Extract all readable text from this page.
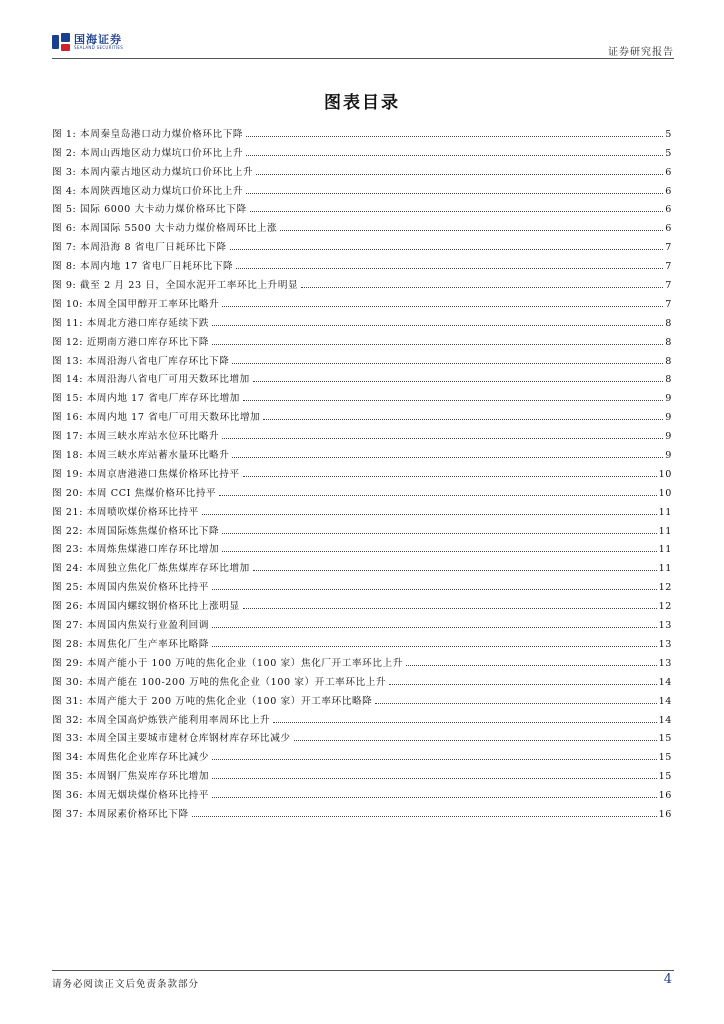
国海证券
SEALAND SECURITIES	证券研究报告
图表目录
图 1: 本周秦皇岛港口动力煤价格环比下降	5
图 2: 本周山西地区动力煤坑口价环比上升	5
图 3: 本周内蒙古地区动力煤坑口价环比上升	6
图 4: 本周陕西地区动力煤坑口价环比上升	6
图 5: 国际 6000 大卡动力煤价格环比下降	6
图 6: 本周国际 5500 大卡动力煤价格周环比上涨	6
图 7: 本周沿海 8 省电厂日耗环比下降	7
图 8: 本周内地 17 省电厂日耗环比下降	7
图 9: 截至 2 月 23 日，全国水泥开工率环比上升明显	7
图 10: 本周全国甲醇开工率环比略升	7
图 11: 本周北方港口库存延续下跌	8
图 12: 近期南方港口库存环比下降	8
图 13: 本周沿海八省电厂库存环比下降	8
图 14: 本周沿海八省电厂可用天数环比增加	8
图 15: 本周内地 17 省电厂库存环比增加	9
图 16: 本周内地 17 省电厂可用天数环比增加	9
图 17: 本周三峡水库站水位环比略升	9
图 18: 本周三峡水库站蓄水量环比略升	9
图 19: 本周京唐港港口焦煤价格环比持平	10
图 20: 本周 CCI 焦煤价格环比持平	10
图 21: 本周喷吹煤价格环比持平	11
图 22: 本周国际炼焦煤价格环比下降	11
图 23: 本周炼焦煤港口库存环比增加	11
图 24: 本周独立焦化厂炼焦煤库存环比增加	11
图 25: 本周国内焦炭价格环比持平	12
图 26: 本周国内螺纹钢价格环比上涨明显	12
图 27: 本周国内焦炭行业盈利回调	13
图 28: 本周焦化厂生产率环比略降	13
图 29: 本周产能小于 100 万吨的焦化企业（100 家）焦化厂开工率环比上升	13
图 30: 本周产能在 100-200 万吨的焦化企业（100 家）开工率环比上升	14
图 31: 本周产能大于 200 万吨的焦化企业（100 家）开工率环比略降	14
图 32: 本周全国高炉炼铁产能利用率周环比上升	14
图 33: 本周全国主要城市建材仓库钢材库存环比减少	15
图 34: 本周焦化企业库存环比减少	15
图 35: 本周钢厂焦炭库存环比增加	15
图 36: 本周无烟块煤价格环比持平	16
图 37: 本周尿素价格环比下降	16
请务必阅读正文后免责条款部分	4
